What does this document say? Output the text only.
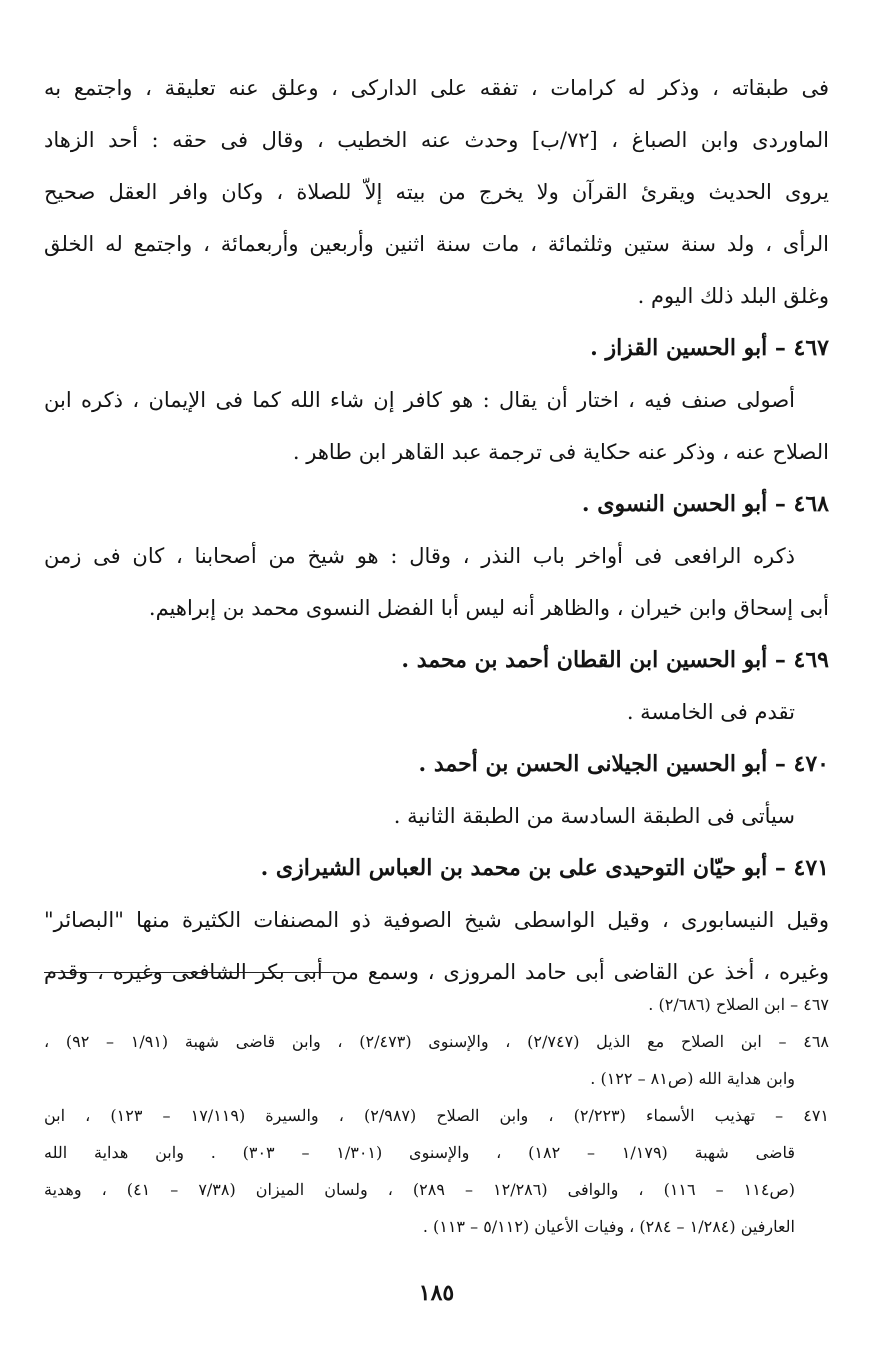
فى طبقاته ، وذكر له كرامات ، تفقه على الدارکی ، وعلق عنه تعليقة ، واجتمع به
الماوردی وابن الصباغ ، [٧٢/ب] وحدث عنه الخطيب ، وقال فى حقه : أحد الزهاد
يروى الحديث ويقرئ القرآن ولا يخرج من بيته إلاّ للصلاة ، وكان وافر العقل صحيح
الرأی ، ولد سنة ستين وثلثمائة ، مات سنة اثنين وأربعين وأربعمائة ، واجتمع له الخلق
وغلق البلد ذلك اليوم .
٤٦٧ – أبو الحسين القزاز .
أصولى صنف فيه ، اختار أن يقال : هو كافر إن شاء الله كما فى الإيمان ، ذكره ابن
الصلاح عنه ، وذكر عنه حكاية فى ترجمة عبد القاهر ابن طاهر .
٤٦٨ – أبو الحسن النسوى .
ذكره الرافعى فى أواخر باب النذر ، وقال : هو شيخ من أصحابنا ، كان فى زمن
أبى إسحاق وابن خيران ، والظاهر أنه ليس أبا الفضل النسوى محمد بن إبراهيم.
٤٦٩ – أبو الحسين ابن القطان أحمد بن محمد .
تقدم فى الخامسة .
٤٧٠ – أبو الحسين الجيلانى الحسن بن أحمد .
سيأتى فى الطبقة السادسة من الطبقة الثانية .
٤٧١ – أبو حيّان التوحيدى على بن محمد بن العباس الشيرازى .
وقيل النيسابورى ، وقيل الواسطى شيخ الصوفية ذو المصنفات الكثيرة منها "البصائر"
وغيره ، أخذ عن القاضى أبى حامد المروزى ، وسمع من أبى بكر الشافعى وغيره ، وقدم
٤٦٧ – ابن الصلاح (٢/٦٨٦) .
٤٦٨ – ابن الصلاح مع الذيل (٢/٧٤٧) ، والإسنوى (٢/٤٧٣) ، وابن قاضى شهبة (١/٩١ – ٩٢) ،
وابن هداية الله (ص٨١ – ١٢٢) .
٤٧١ – تهذيب الأسماء (٢/٢٢٣) ، وابن الصلاح (٢/٩٨٧) ، والسيرة (١٧/١١٩ – ١٢٣) ، ابن
قاضى شهبة (١/١٧٩ – ١٨٢) ، والإسنوى (١/٣٠١ – ٣٠٣) . وابن هداية الله
(ص١١٤ – ١١٦) ، والوافى (١٢/٢٨٦ – ٢٨٩) ، ولسان الميزان (٧/٣٨ – ٤١) ، وهدية
العارفين (١/٢٨٤ – ٢٨٤) ، وفيات الأعيان (٥/١١٢ – ١١٣) .
١٨٥
